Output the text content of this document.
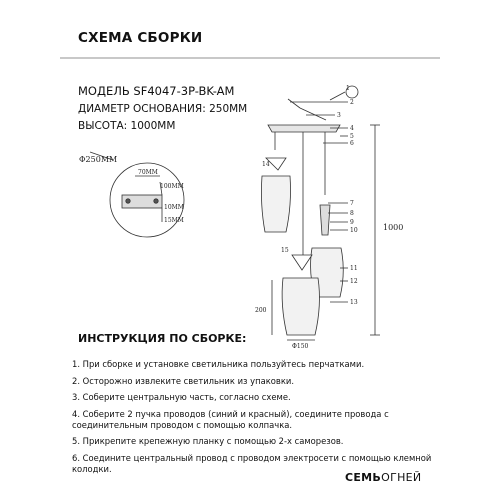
СХЕМА СБОРКИ
МОДЕЛЬ SF4047-3P-BK-AM
ДИАМЕТР ОСНОВАНИЯ: 250ММ
ВЫСОТА: 1000ММ
Φ250MM
70MM
100MM
10MM
15MM
1
2
3
4
5
6
7
8
9
10
11
12
13
14
15
1000
200
Φ150
ИНСТРУКЦИЯ ПО СБОРКЕ:
1. При сборке и установке светильника пользуйтесь перчатками.
2. Осторожно извлеките светильник из упаковки.
3. Соберите центральную часть, согласно схеме.
4. Соберите 2 пучка проводов (синий и красный), соедините провода с соединительным проводом с помощью колпачка.
5. Прикрепите крепежную планку с помощью 2-х саморезов.
6. Соедините центральный провод с проводом электросети с помощью клемной колодки.
СЕМЬОГНЕЙ
